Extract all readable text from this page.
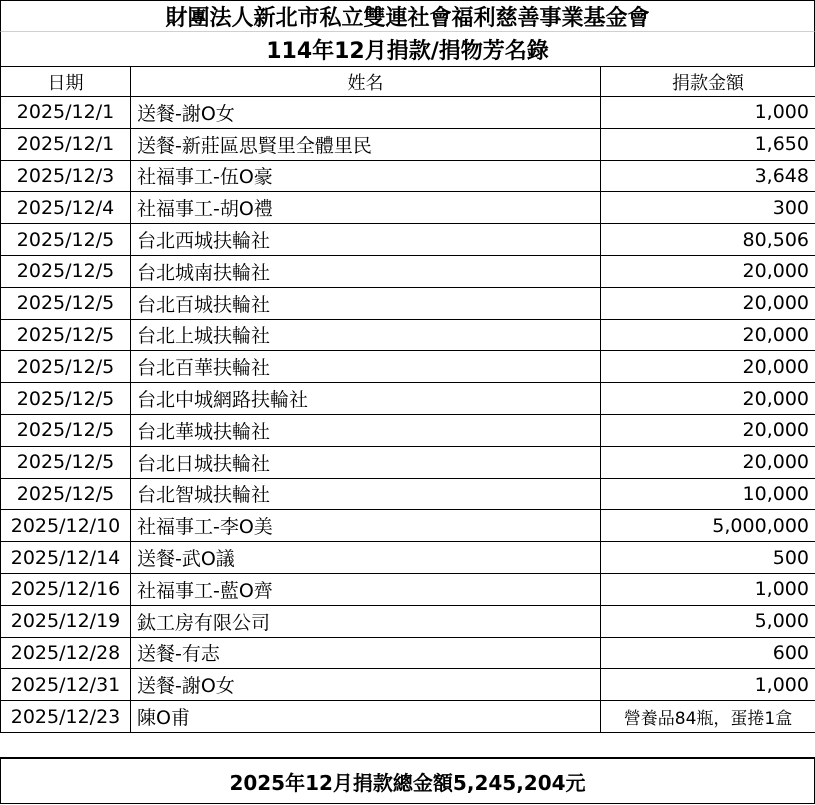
財團法人新北市私立雙連社會福利慈善事業基金會
114年12月捐款/捐物芳名錄
日期	姓名	捐款金額
2025/12/1	送餐-謝O女	1,000
2025/12/1	送餐-新莊區思賢里全體里民	1,650
2025/12/3	社福事工-伍O豪	3,648
2025/12/4	社福事工-胡O禮	300
2025/12/5	台北西城扶輪社	80,506
2025/12/5	台北城南扶輪社	20,000
2025/12/5	台北百城扶輪社	20,000
2025/12/5	台北上城扶輪社	20,000
2025/12/5	台北百華扶輪社	20,000
2025/12/5	台北中城網路扶輪社	20,000
2025/12/5	台北華城扶輪社	20,000
2025/12/5	台北日城扶輪社	20,000
2025/12/5	台北智城扶輪社	10,000
2025/12/10	社福事工-李O美	5,000,000
2025/12/14	送餐-武O議	500
2025/12/16	社福事工-藍O齊	1,000
2025/12/19	鈦工房有限公司	5,000
2025/12/28	送餐-有志	600
2025/12/31	送餐-謝O女	1,000
2025/12/23	陳O甫	營養品84瓶，蛋捲1盒
2025年12月捐款總金額5,245,204元
